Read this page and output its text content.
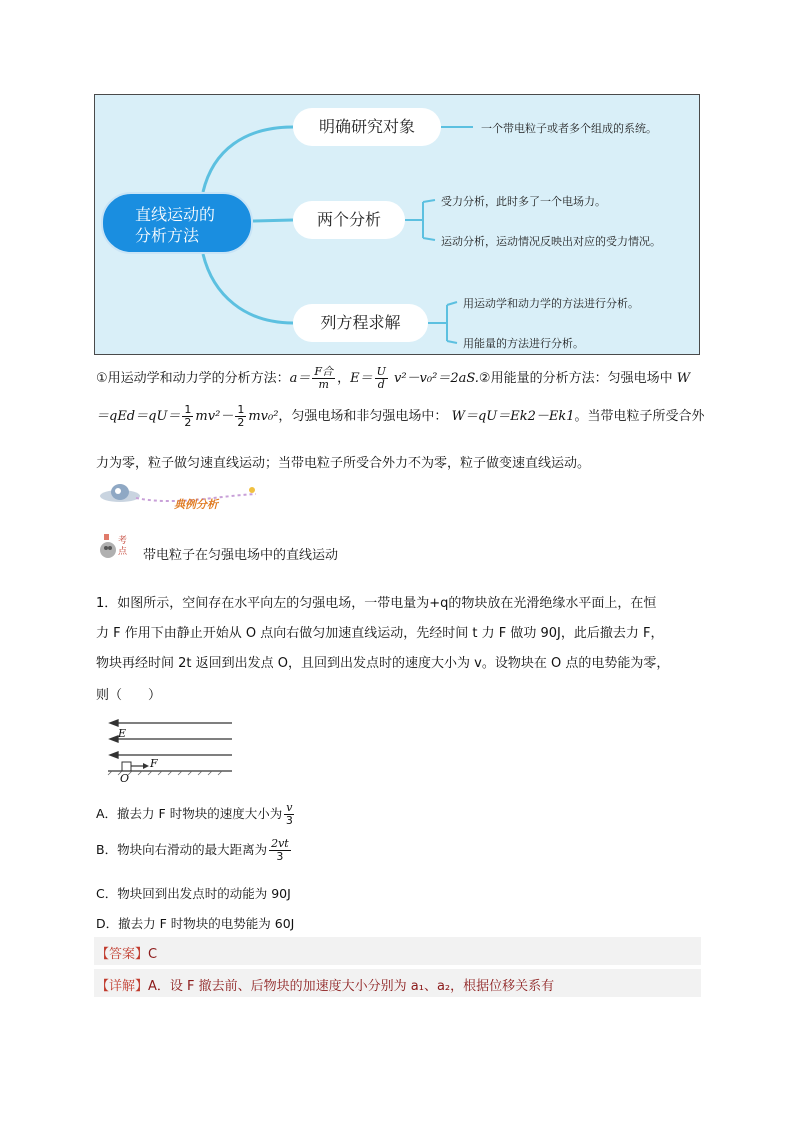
直线运动的
分析方法
明确研究对象
两个分析
列方程求解
一个带电粒子或者多个组成的系统。
受力分析，此时多了一个电场力。
运动分析，运动情况反映出对应的受力情况。
用运动学和动力学的方法进行分析。
用能量的方法进行分析。
①用运动学和动力学的分析方法：$a= \frac{\text{F合}}{m}$ ，$E= \frac{U}{d}$ v²－v₀²＝2aS.②用能量的分析方法：匀强电场中 W
$=qEd=qU= \frac{1}{2} mv^2- \frac{1}{2} mv_0^2$，匀强电场和非匀强电场中： W＝qU＝Ek2－Ek1。当带电粒子所受合外
力为零，粒子做匀速直线运动；当带电粒子所受合外力不为零，粒子做变速直线运动。
典例分析
考点 带电粒子在匀强电场中的直线运动
1．如图所示，空间存在水平向左的匀强电场，一带电量为+q的物块放在光滑绝缘水平面上，在恒
力 F 作用下由静止开始从 O 点向右做匀加速直线运动，先经时间 t 力 F 做功 90J，此后撤去力 F，
物块再经时间 2t 返回到出发点 O，且回到出发点时的速度大小为 v。设物块在 O 点的电势能为零，
则（　　）
E
F
O
A．撤去力 F 时物块的速度大小为 $\frac{v}{3}$
B．物块向右滑动的最大距离为 $\frac{2vt}{3}$
C．物块回到出发点时的动能为 90J
D．撤去力 F 时物块的电势能为 60J
【答案】C
【详解】A．设 F 撤去前、后物块的加速度大小分别为 a₁、a₂，根据位移关系有
